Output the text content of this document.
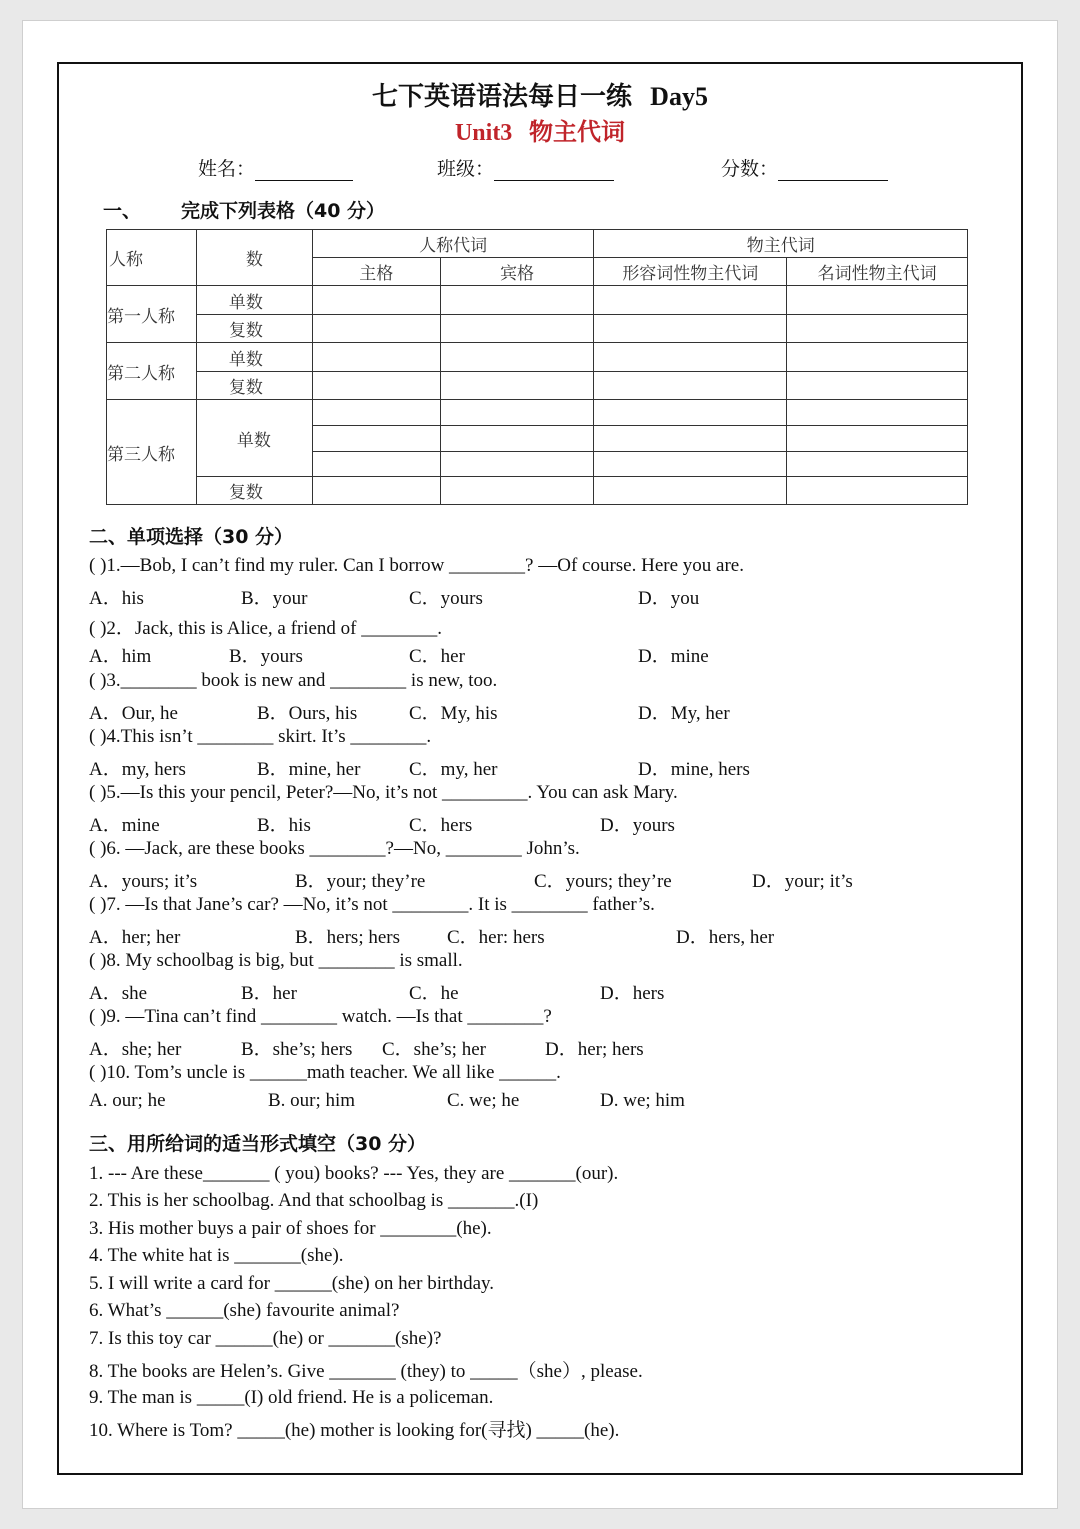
七下英语语法每日一练 Day5
Unit3 物主代词
姓名：	班级：	分数：
一、 完成下列表格（40 分）
人称	数	人称代词		物主代词	
		主格	宾格	形容词性物主代词	名词性物主代词
第一人称	单数				
	复数				
第二人称	单数				
	复数				
第三人称	单数				

	复数				
二、单项选择（30 分）
( )1.—Bob, I can’t find my ruler. Can I borrow ________? —Of course. Here you are.
A．his	B．your	C．yours	D．you
( )2．Jack, this is Alice, a friend of ________.
A．him	B．yours	C．her	D．mine
( )3.________ book is new and ________ is new, too.
A．Our, he	B．Ours, his	C．My, his	D．My, her
( )4.This isn’t ________ skirt. It’s ________.
A．my, hers	B．mine, her	C．my, her	D．mine, hers
( )5.—Is this your pencil, Peter?—No, it’s not _________. You can ask Mary.
A．mine	B．his	C．hers	D．yours
( )6. —Jack, are these books ________?—No, ________ John’s.
A．yours; it’s	B．your; they’re	C．yours; they’re	D．your; it’s
( )7. —Is that Jane’s car? —No, it’s not ________. It is ________ father’s.
A．her; her	B．hers; hers C．her: hers	D．hers, her
( )8. My schoolbag is big, but ________ is small.
A．she	B．her	C．he	D．hers
( )9. —Tina can’t find ________ watch. —Is that ________?
A．she; her	B．she’s; hers C．she’s; her	D．her; hers
( )10. Tom’s uncle is ______math teacher. We all like ______.
A. our; he	B. our; him	C. we; he	D. we; him
三、用所给词的适当形式填空（30 分）
1. --- Are these_______ ( you) books? --- Yes, they are _______(our).
2. This is her schoolbag. And that schoolbag is _______.(I)
3. His mother buys a pair of shoes for ________(he).
4. The white hat is _______(she).
5. I will write a card for ______(she) on her birthday.
6. What’s ______(she) favourite animal?
7. Is this toy car ______(he) or _______(she)?
8. The books are Helen’s. Give _______ (they) to _____（she）, please.
9. The man is _____(I) old friend. He is a policeman.
10. Where is Tom? _____(he) mother is looking for(寻找) _____(he).
